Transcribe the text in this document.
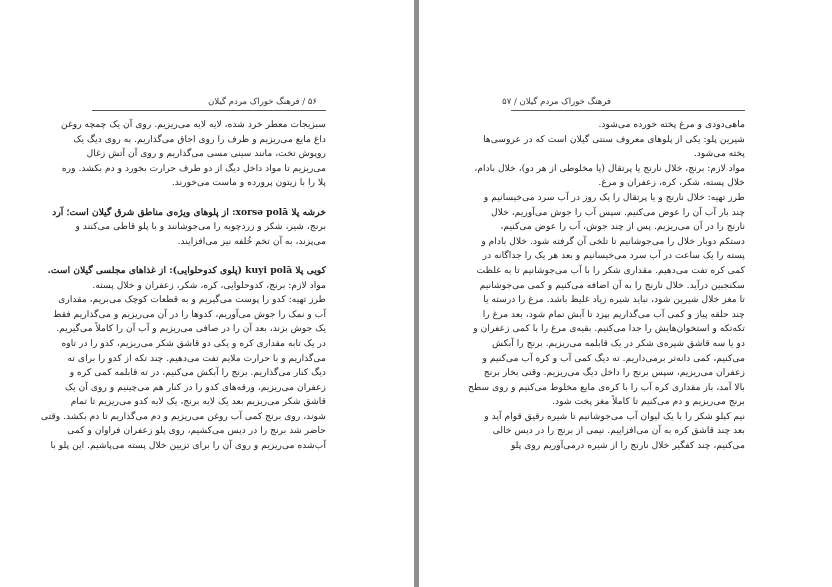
۵۶ / فرهنگ خوراک مردم گیلان
سبزیجات معطر خرد شده، لایه لایه می‌ریزیم. روی آن یک چمچه روغن
داغ مایع می‌ریزیم و ظرف را روی اجاق می‌گذاریم. به روی دیگ یک
روپوش تخت، مانند سینی مسی می‌گذاریم و روی آن آتش زغال
می‌ریزیم تا مواد داخل دیگ از دو طرف حرارت بخورد و دم بکشد. وره
پلا را با زیتون پرورده و ماست می‌خورند.
خرشه پلا xorsə polā: از پلوهای ویژه‌ی مناطق شرق گیلان است؛ آرد
برنج، شیر، شکر و زردچوبه را می‌جوشانند و با پلو قاطی می‌کنند و
می‌پزند، به آن تخم خُلفه نیز می‌افزایند.
کویی پلا kuyi polā (پلوی کدوحلوایی): از غذاهای مجلسی گیلان است.
مواد لازم: برنج، کدوحلوایی، کره، شکر، زعفران و خلال پسته.
طرز تهیه: کدو را پوست می‌گیریم و به قطعات کوچک می‌بریم، مقداری
آب و نمک را جوش می‌آوریم، کدوها را در آن می‌ریزیم و می‌گذاریم فقط
یک جوش بزند، بعد آن را در صافی می‌ریزیم و آب آن را کاملاً می‌گیریم.
در یک تابه مقداری کره و یکی دو قاشق شکر می‌ریزیم، کدو را در تاوه
می‌گذاریم و با حرارت ملایم تفت می‌دهیم. چند تکه از کدو را برای ته
دیگ کنار می‌گذاریم. برنج را آبکش می‌کنیم، در ته قابلمه کمی کره و
زعفران می‌ریزیم، ورقه‌های کدو را در کنار هم می‌چینیم و روی آن یک
قاشق شکر می‌ریزیم بعد یک لایه برنج، یک لایه کدو می‌ریزیم تا تمام
شوند، روی برنج کمی آب روغن می‌ریزیم و دم می‌گذاریم تا دم بکشد. وقتی
حاضر شد برنج را در دیس می‌کشیم، روی پلو زعفران فراوان و کمی
آب‌شده می‌ریزیم و روی آن را برای تزیین خلال پسته می‌پاشیم. این پلو با
فرهنگ خوراک مردم گیلان / ۵۷
ماهی‌دودی و مرغ پخته خورده می‌شود.
شیرین پلو: یکی از پلوهای معروف سنتی گیلان است که در عروسی‌ها
پخته می‌شود.
مواد لازم: برنج، خلال نارنج یا پرتقال (یا مخلوطی از هر دو)، خلال بادام،
خلال پسته، شکر، کره، زعفران و مرغ.
طرز تهیه: خلال نارنج و یا پرتقال را یک روز در آب سرد می‌خیسانیم و
چند بار آب آن را عوض می‌کنیم. سپس آب را جوش می‌آوریم، خلال
نارنج را در آن می‌ریزیم. پس از چند جوش، آب را عوض می‌کنیم،
دستکم دوبار خلال را می‌جوشانیم تا تلخی آن گرفته شود. خلال بادام و
پسته را یک ساعت در آب سرد می‌خیسانیم و بعد هر یک را جداگانه در
کمی کره تفت می‌دهیم. مقداری شکر را با آب می‌جوشانیم تا به غلظت
سکنجبین درآید. خلال نارنج را به آن اضافه می‌کنیم و کمی می‌جوشانیم
تا مغز خلال شیرین شود، نباید شیره زیاد غلیظ باشد. مرغ را درسته یا
چند حلقه پیاز و کمی آب می‌گذاریم بپزد تا آبش تمام شود، بعد مرغ را
تکه‌تکه و استخوان‌هایش را جدا می‌کنیم. بقیه‌ی مرغ را با کمی زعفران و
دو یا سه قاشق شیره‌ی شکر در یک قابلمه می‌ریزیم. برنج را آبکش
می‌کنیم، کمی دانه‌تر برمی‌داریم. ته دیگ کمی آب و کره آب می‌کنیم و
زعفران می‌ریزیم، سپس برنج را داخل دیگ می‌ریزیم. وقتی بخار برنج
بالا آمد، باز مقداری کره آب را با کره‌ی مایع مخلوط می‌کنیم و روی سطح
برنج می‌ریزیم و دم می‌کنیم تا کاملاً مغز پخت شود.
نیم کیلو شکر را با یک لیوان آب می‌جوشانیم تا شیره رقیق قوام آید و
بعد چند قاشق کره به آن می‌افزاییم. نیمی از برنج را در دیس خالی
می‌کنیم، چند کفگیر خلال نارنج را از شیره درمی‌آوریم روی پلو
